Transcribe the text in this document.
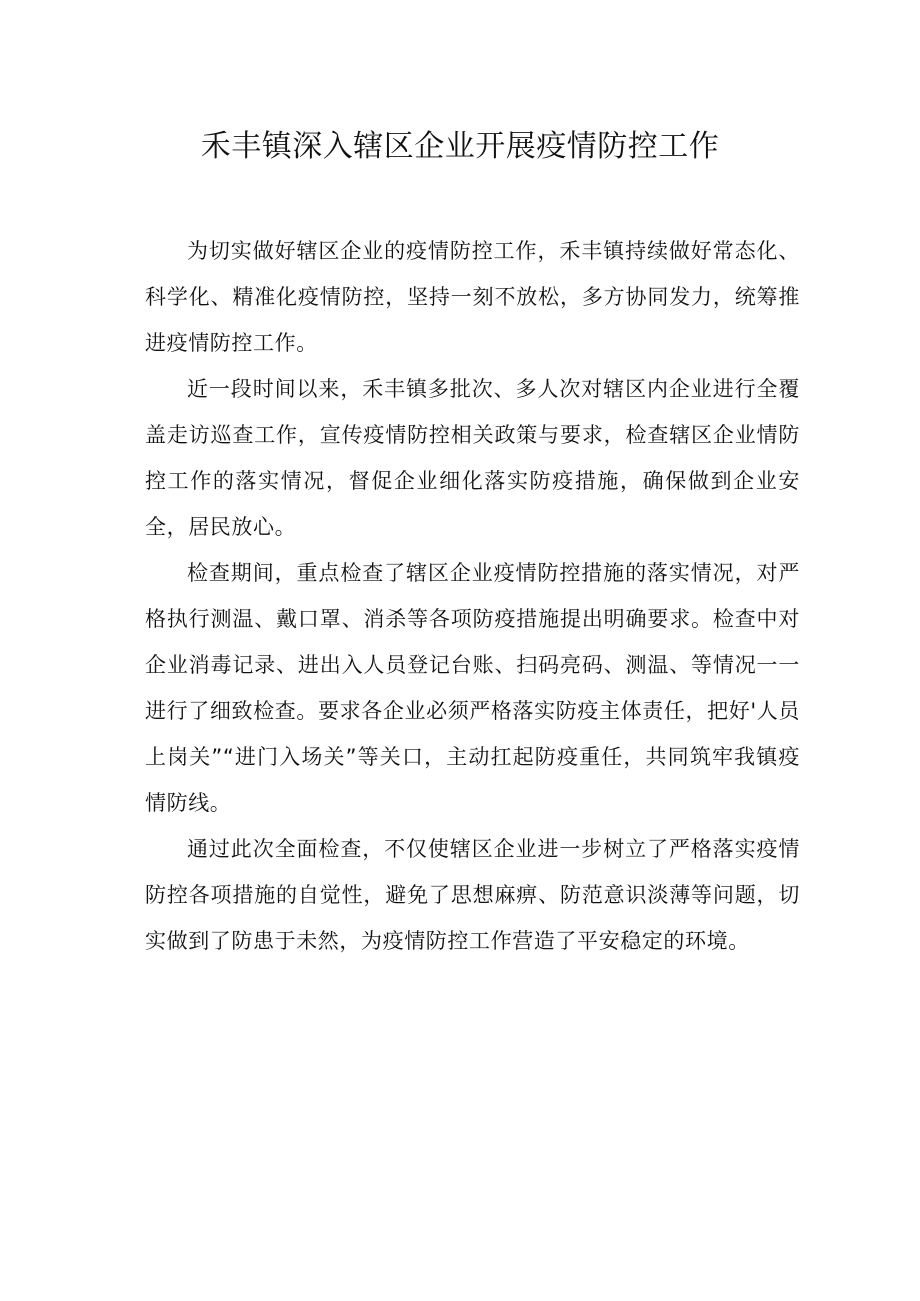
禾丰镇深入辖区企业开展疫情防控工作

为切实做好辖区企业的疫情防控工作，禾丰镇持续做好常态化、科学化、精准化疫情防控，坚持一刻不放松，多方协同发力，统筹推进疫情防控工作。

近一段时间以来，禾丰镇多批次、多人次对辖区内企业进行全覆盖走访巡查工作，宣传疫情防控相关政策与要求，检查辖区企业情防控工作的落实情况，督促企业细化落实防疫措施，确保做到企业安全，居民放心。

检查期间，重点检查了辖区企业疫情防控措施的落实情况，对严格执行测温、戴口罩、消杀等各项防疫措施提出明确要求。检查中对企业消毒记录、进出入人员登记台账、扫码亮码、测温、等情况一一进行了细致检查。要求各企业必须严格落实防疫主体责任，把好'人员上岗关”“进门入场关”等关口，主动扛起防疫重任，共同筑牢我镇疫情防线。

通过此次全面检查，不仅使辖区企业进一步树立了严格落实疫情防控各项措施的自觉性，避免了思想麻痹、防范意识淡薄等问题，切实做到了防患于未然，为疫情防控工作营造了平安稳定的环境。
